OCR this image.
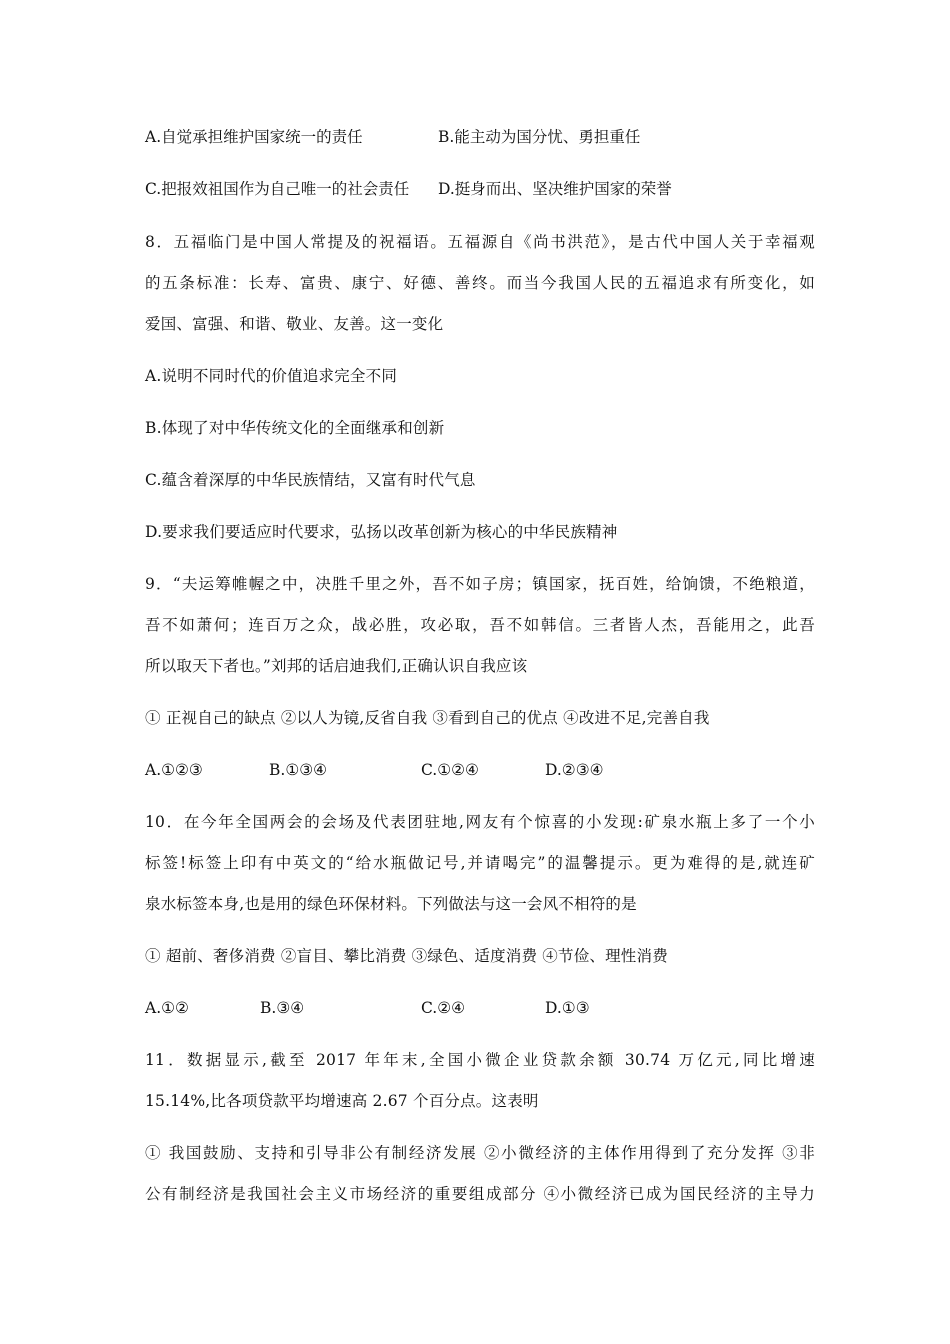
A.自觉承担维护国家统一的责任	B.能主动为国分忧、勇担重任
C.把报效祖国作为自己唯一的社会责任 D.挺身而出、坚决维护国家的荣誉
8．五福临门是中国人常提及的祝福语。五福源自《尚书洪范》，是古代中国人关于幸福观
的五条标准：长寿、富贵、康宁、好德、善终。而当今我国人民的五福追求有所变化，如
爱国、富强、和谐、敬业、友善。这一变化
A.说明不同时代的价值追求完全不同
B.体现了对中华传统文化的全面继承和创新
C.蕴含着深厚的中华民族情结，又富有时代气息
D.要求我们要适应时代要求，弘扬以改革创新为核心的中华民族精神
9．“夫运筹帷幄之中，决胜千里之外，吾不如子房；镇国家，抚百姓，给饷馈，不绝粮道，
吾不如萧何；连百万之众，战必胜，攻必取，吾不如韩信。三者皆人杰，吾能用之，此吾
所以取天下者也。”刘邦的话启迪我们,正确认识自我应该
① 正视自己的缺点 ②以人为镜,反省自我 ③看到自己的优点 ④改进不足,完善自我
A.①②③	B.①③④	C.①②④	D.②③④
10．在今年全国两会的会场及代表团驻地,网友有个惊喜的小发现:矿泉水瓶上多了一个小
标签!标签上印有中英文的“给水瓶做记号,并请喝完”的温馨提示。更为难得的是,就连矿
泉水标签本身,也是用的绿色环保材料。下列做法与这一会风不相符的是
① 超前、奢侈消费 ②盲目、攀比消费 ③绿色、适度消费 ④节俭、理性消费
A.①②	B.③④	C.②④	D.①③
11．数据显示,截至 2017 年年末,全国小微企业贷款余额 30.74 万亿元,同比增速
15.14%,比各项贷款平均增速高 2.67 个百分点。这表明
① 我国鼓励、支持和引导非公有制经济发展 ②小微经济的主体作用得到了充分发挥 ③非
公有制经济是我国社会主义市场经济的重要组成部分 ④小微经济已成为国民经济的主导力
